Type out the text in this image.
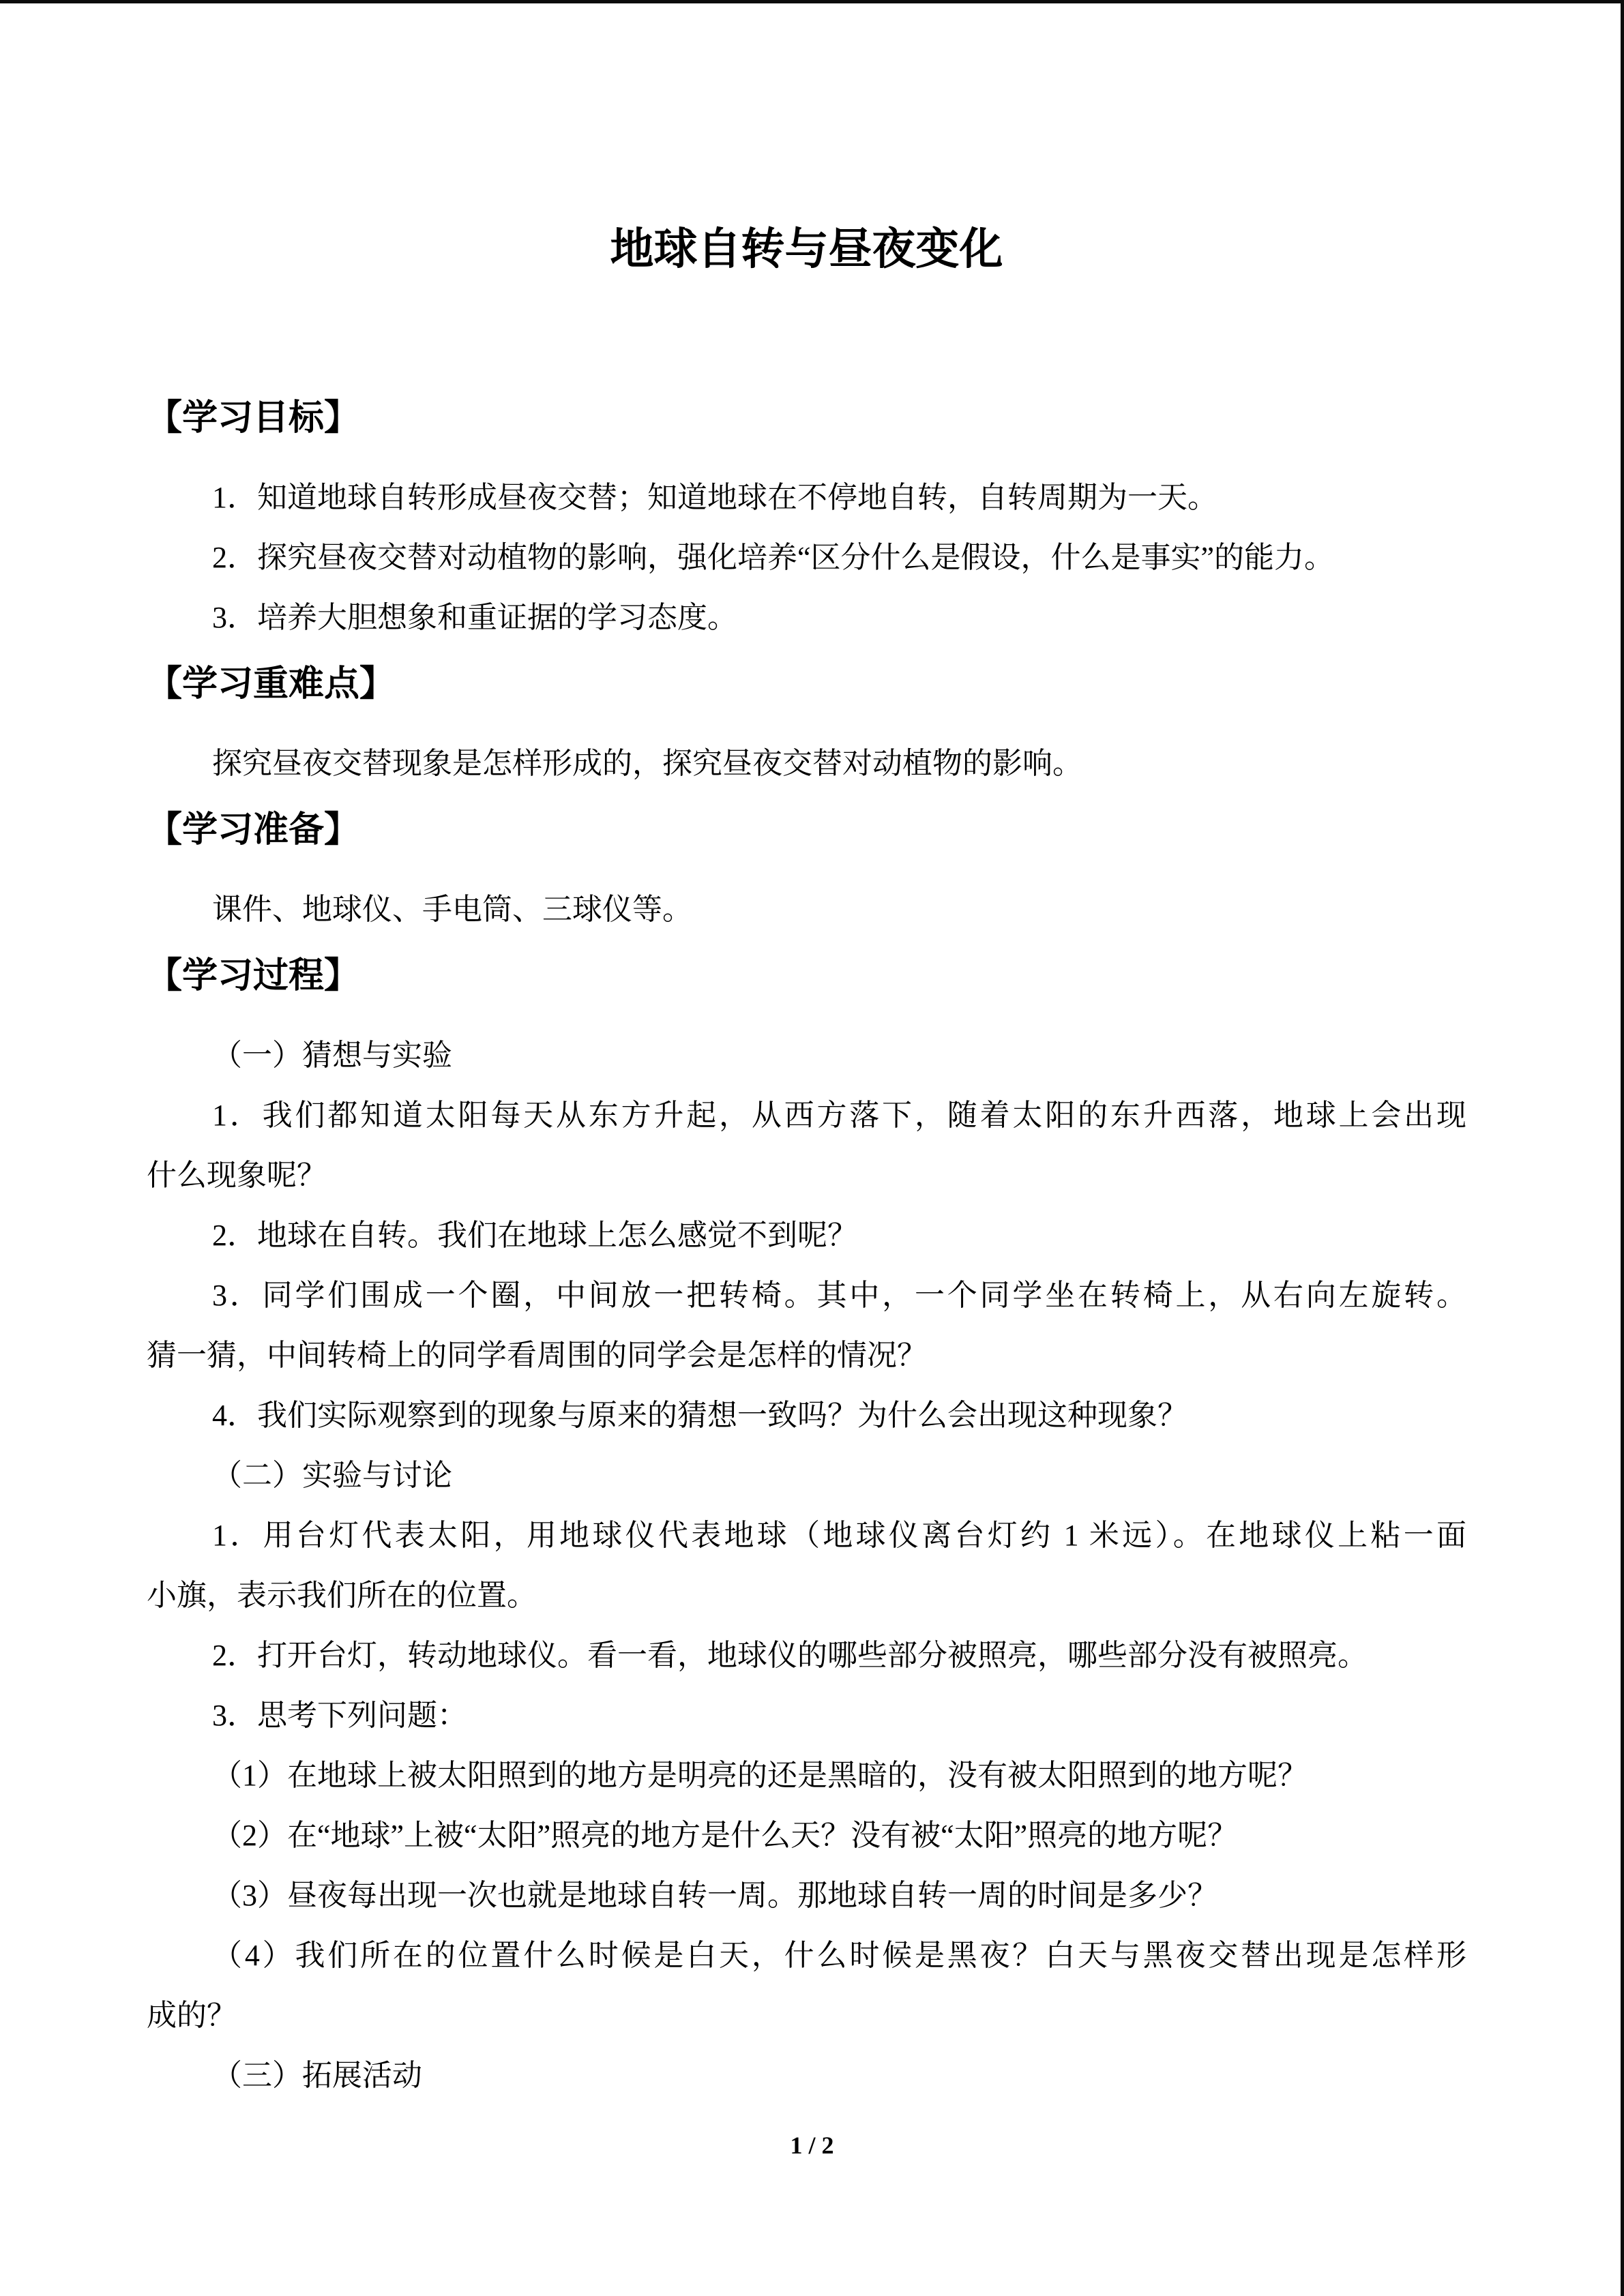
地球自转与昼夜变化
【学习目标】
1．知道地球自转形成昼夜交替；知道地球在不停地自转，自转周期为一天。
2．探究昼夜交替对动植物的影响，强化培养“区分什么是假设，什么是事实”的能力。
3．培养大胆想象和重证据的学习态度。
【学习重难点】
探究昼夜交替现象是怎样形成的，探究昼夜交替对动植物的影响。
【学习准备】
课件、地球仪、手电筒、三球仪等。
【学习过程】
（一）猜想与实验
1．我们都知道太阳每天从东方升起，从西方落下，随着太阳的东升西落，地球上会出现
什么现象呢？
2．地球在自转。我们在地球上怎么感觉不到呢？
3．同学们围成一个圈，中间放一把转椅。其中，一个同学坐在转椅上，从右向左旋转。
猜一猜，中间转椅上的同学看周围的同学会是怎样的情况？
4．我们实际观察到的现象与原来的猜想一致吗？为什么会出现这种现象？
（二）实验与讨论
1．用台灯代表太阳，用地球仪代表地球（地球仪离台灯约 1 米远）。在地球仪上粘一面
小旗，表示我们所在的位置。
2．打开台灯，转动地球仪。看一看，地球仪的哪些部分被照亮，哪些部分没有被照亮。
3．思考下列问题：
（1）在地球上被太阳照到的地方是明亮的还是黑暗的，没有被太阳照到的地方呢？
（2）在“地球”上被“太阳”照亮的地方是什么天？没有被“太阳”照亮的地方呢？
（3）昼夜每出现一次也就是地球自转一周。那地球自转一周的时间是多少？
（4）我们所在的位置什么时候是白天，什么时候是黑夜？白天与黑夜交替出现是怎样形
成的？
（三）拓展活动
1 / 2
